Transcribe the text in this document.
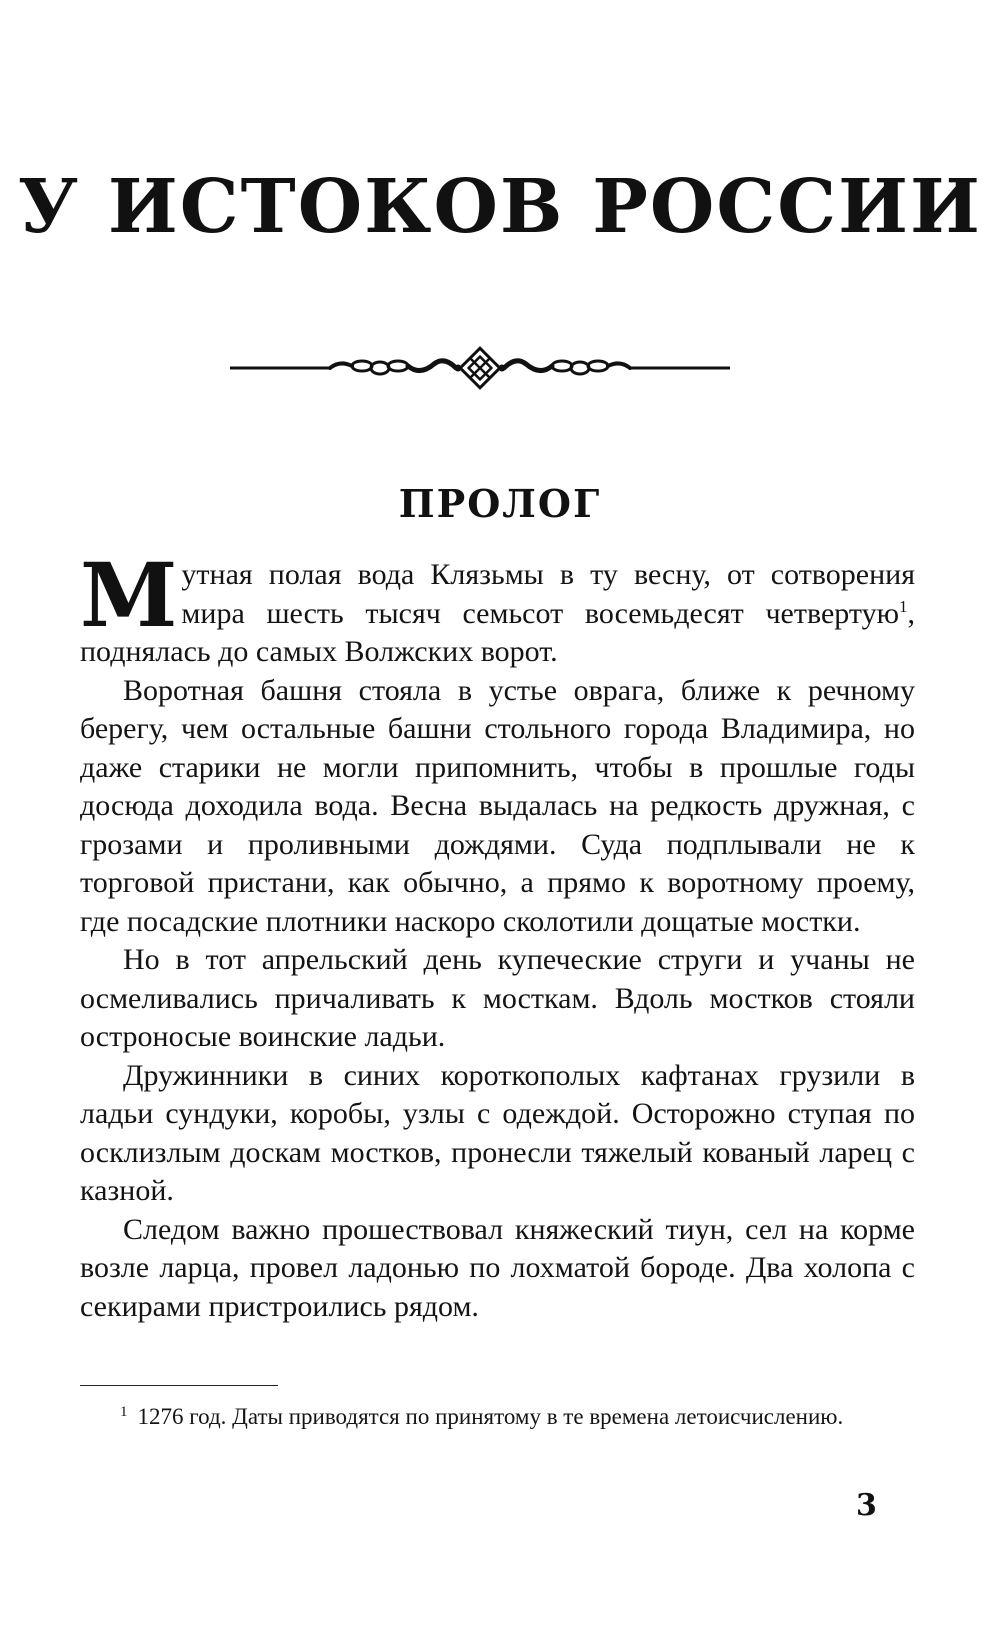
У ИСТОКОВ РОССИИ
ПРОЛОГ

Мутная полая вода Клязьмы в ту весну, от сотворения мира шесть тысяч семьсот восемьдесят четвертую$^1$, поднялась до самых Волжских ворот.

Воротная башня стояла в устье оврага, ближе к речному берегу, чем остальные башни стольного города Владимира, но даже старики не могли припомнить, чтобы в прошлые годы досюда доходила вода. Весна выдалась на редкость дружная, с грозами и проливными дождями. Суда подплывали не к торговой пристани, как обычно, а прямо к воротному проему, где посадские плотники наскоро сколотили дощатые мостки.

Но в тот апрельский день купеческие струги и учаны не осмеливались причаливать к мосткам. Вдоль мостков стояли остроносые воинские ладьи.

Дружинники в синих короткополых кафтанах грузили в ладьи сундуки, коробы, узлы с одеждой. Осторожно ступая по осклизлым доскам мостков, пронесли тяжелый кованый ларец с казной.

Следом важно прошествовал княжеский тиун, сел на корме возле ларца, провел ладонью по лохматой бороде. Два холопа с секирами пристроились рядом.

$^1$ 1276 год. Даты приводятся по принятому в те времена летоисчислению.

3
